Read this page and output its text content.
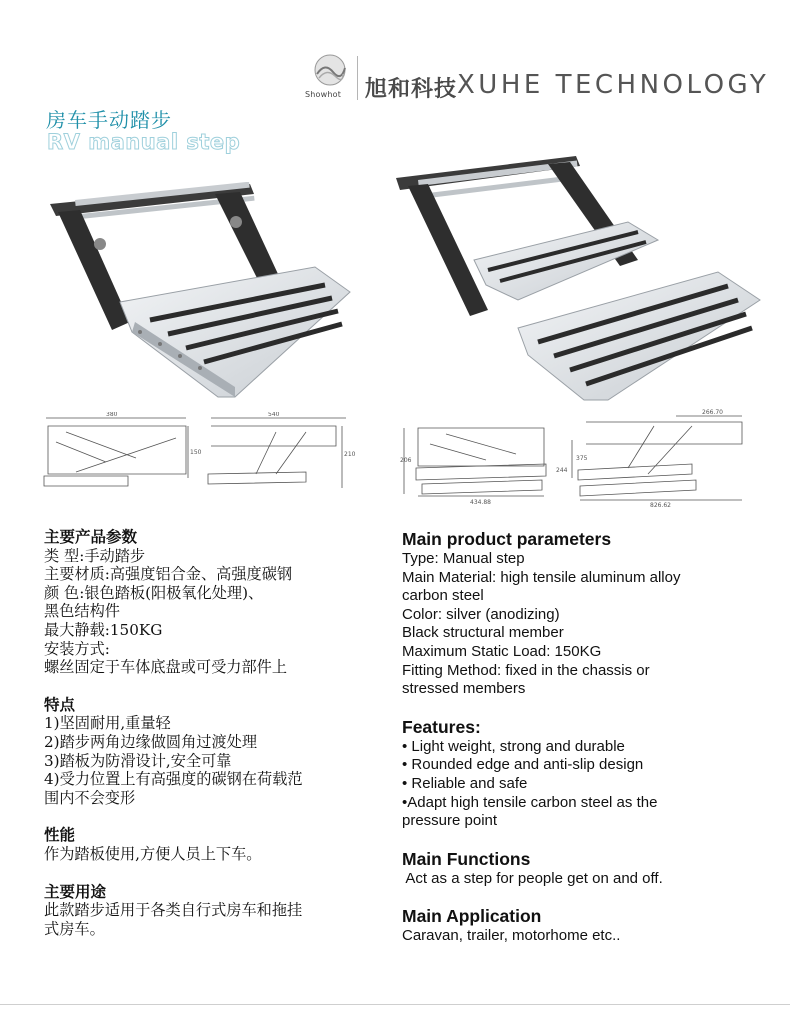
Showhot 旭和科技 XUHE TECHNOLOGY
房车手动踏步
RV manual step
380
150
540
210
266.70
206
434.88
375
244
826.62
主要产品参数
类 型:手动踏步
主要材质:高强度铝合金、高强度碳钢
颜 色:银色踏板(阳极氧化处理)、
黑色结构件
最大静载:150KG
安装方式:
螺丝固定于车体底盘或可受力部件上
特点
1)坚固耐用,重量轻
2)踏步两角边缘做圆角过渡处理
3)踏板为防滑设计,安全可靠
4)受力位置上有高强度的碳钢在荷载范
围内不会变形
性能
作为踏板使用,方便人员上下车。
主要用途
此款踏步适用于各类自行式房车和拖挂
式房车。
Main product parameters
Type: Manual step
Main Material: high tensile aluminum alloy
carbon steel
Color: silver (anodizing)
Black structural member
Maximum Static Load: 150KG
Fitting Method: fixed in the chassis or
stressed members
Features:
• Light weight, strong and durable
• Rounded edge and anti-slip design
• Reliable and safe
•Adapt high tensile carbon steel as the
pressure point
Main Functions
Act as a step for people get on and off.
Main Application
Caravan, trailer, motorhome etc..
